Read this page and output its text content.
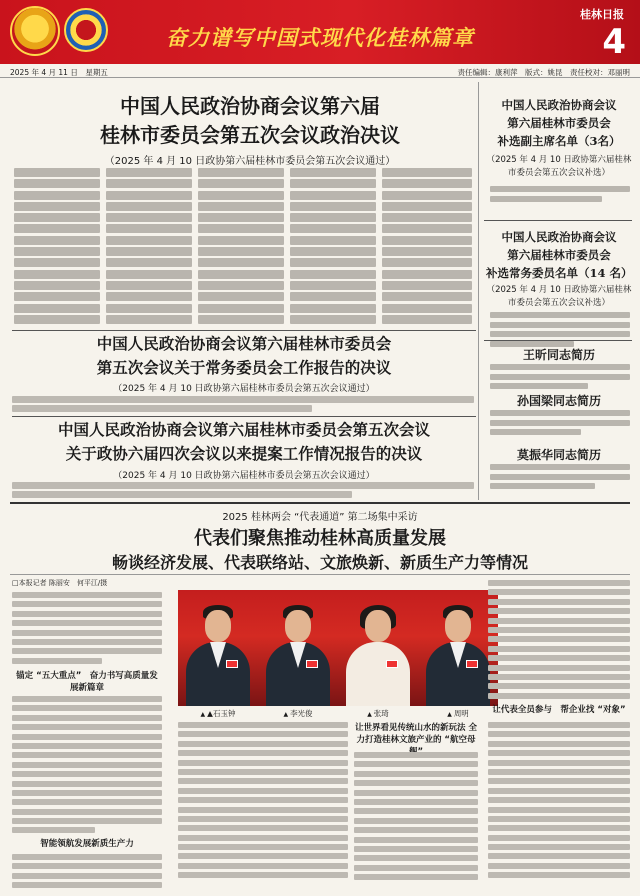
奋力谱写中国式现代化桂林篇章
桂林日报
4
2025 年 4 月 11 日　星期五	责任编辑：康利萍　版式：姚昆　责任校对：邓丽明
中国人民政治协商会议第六届
桂林市委员会第五次会议政治决议
（2025 年 4 月 10 日政协第六届桂林市委员会第五次会议通过）
中国人民政治协商会议
第六届桂林市委员会
补选副主席名单（3名）
（2025 年 4 月 10 日政协第六届桂林市委员会第五次会议补选）
中国人民政治协商会议
第六届桂林市委员会
补选常务委员名单（14 名）
（2025 年 4 月 10 日政协第六届桂林市委员会第五次会议补选）
王昕同志简历
孙国梁同志简历
莫振华同志简历
中国人民政治协商会议第六届桂林市委员会
第五次会议关于常务委员会工作报告的决议
（2025 年 4 月 10 日政协第六届桂林市委员会第五次会议通过）
中国人民政治协商会议第六届桂林市委员会第五次会议
关于政协六届四次会议以来提案工作情况报告的决议
（2025 年 4 月 10 日政协第六届桂林市委员会第五次会议通过）
2025 桂林两会 “代表通道” 第二场集中采访
代表们聚焦推动桂林高质量发展
畅谈经济发展、代表联络站、文旅焕新、新质生产力等情况
□本报记者 陈丽安　何平江/摄
锚定 “五大重点”　奋力书写高质量发展新篇章
智能领航发展新质生产力
▲ ▲石玉钟	▲ 李光俊	▲ 张琦	▲ 周明
让世界看见传统山水的新玩法 全力打造桂林文旅产业的 “航空母
让代表全员参与　帮企业找 “对象”
